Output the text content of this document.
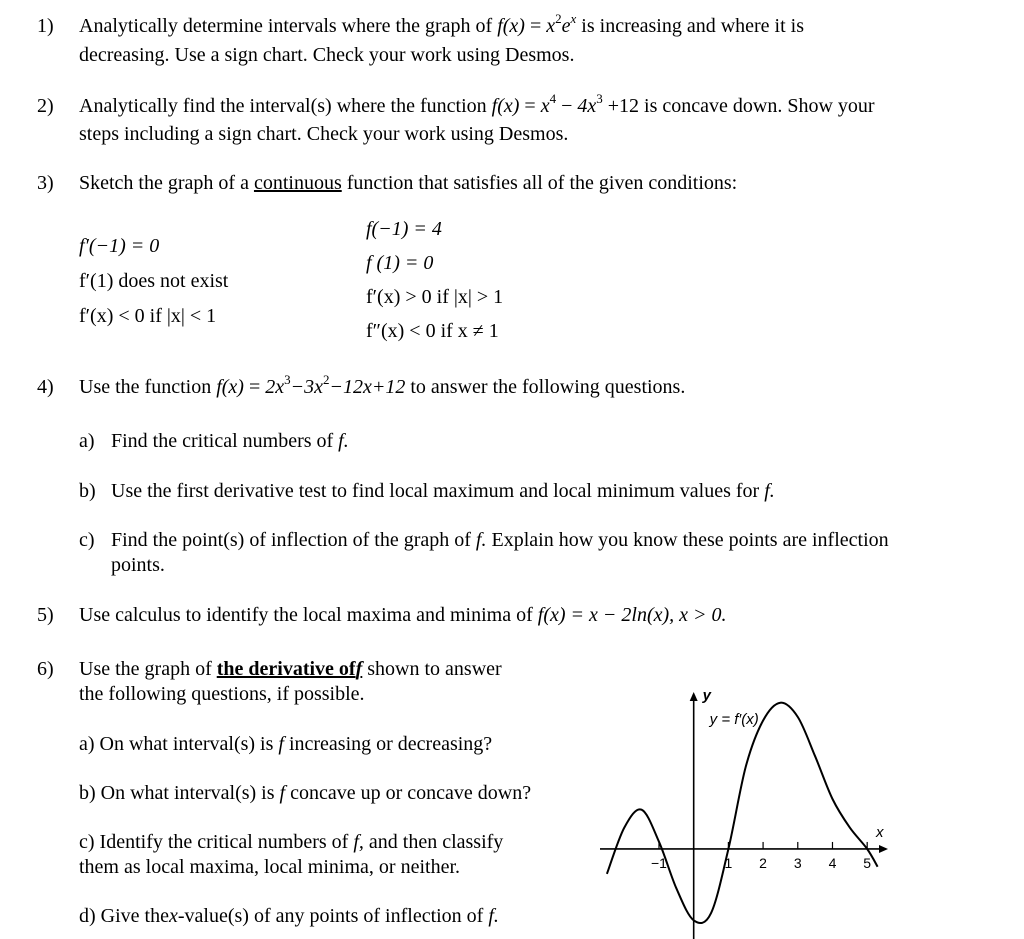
1) Analytically determine intervals where the graph of $f(x) = x^2e^x$ is increasing and where it is
decreasing. Use a sign chart. Check your work using Desmos.
2) Analytically find the interval(s) where the function $f(x) = x^4 - 4x^3 +12$ is concave down. Show your
steps including a sign chart. Check your work using Desmos.
3) Sketch the graph of a continuous function that satisfies all of the given conditions:
f′(−1) = 0
f′(1) does not exist
f′(x) < 0 if |x| < 1
f(−1) = 4
f (1) = 0
f′(x) > 0 if |x| > 1
f″(x) < 0 if x ≠ 1
4) Use the function $f(x) = 2x^3-3x^2-12x+12$ to answer the following questions.
a) Find the critical numbers of f.
b) Use the first derivative test to find local maximum and local minimum values for f.
c) Find the point(s) of inflection of the graph of f. Explain how you know these points are inflection
points.
5) Use calculus to identify the local maxima and minima of f(x) = x − 2ln(x), x > 0.
6) Use the graph of the derivative off shown to answer
the following questions, if possible.
a) On what interval(s) is f increasing or decreasing?
b) On what interval(s) is f concave up or concave down?
c) Identify the critical numbers of f, and then classify
them as local maxima, local minima, or neither.
d) Give thex-value(s) of any points of inflection of f.
−1	1 2 3 4 5
y
x
y = f′(x)
